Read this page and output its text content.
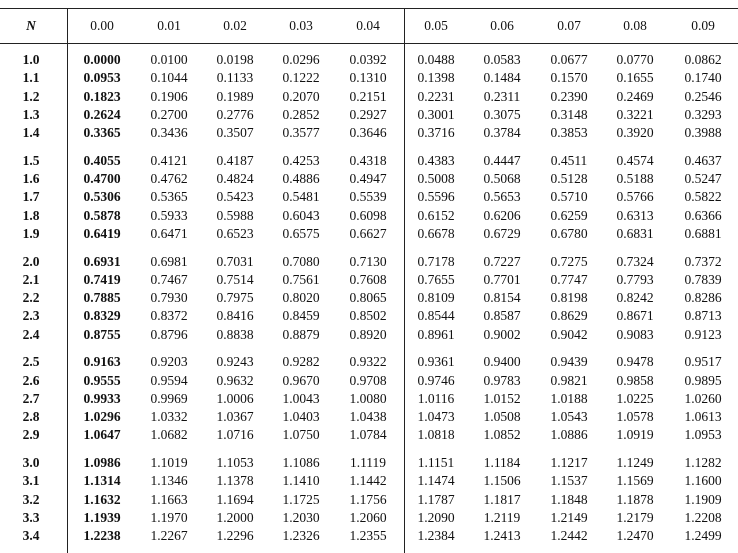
N	0.00	0.01	0.02	0.03	0.04	0.05	0.06	0.07	0.08	0.09
1.0	0.0000	0.0100	0.0198	0.0296	0.0392	0.0488	0.0583	0.0677	0.0770	0.0862
1.1	0.0953	0.1044	0.1133	0.1222	0.1310	0.1398	0.1484	0.1570	0.1655	0.1740
1.2	0.1823	0.1906	0.1989	0.2070	0.2151	0.2231	0.2311	0.2390	0.2469	0.2546
1.3	0.2624	0.2700	0.2776	0.2852	0.2927	0.3001	0.3075	0.3148	0.3221	0.3293
1.4	0.3365	0.3436	0.3507	0.3577	0.3646	0.3716	0.3784	0.3853	0.3920	0.3988
1.5	0.4055	0.4121	0.4187	0.4253	0.4318	0.4383	0.4447	0.4511	0.4574	0.4637
1.6	0.4700	0.4762	0.4824	0.4886	0.4947	0.5008	0.5068	0.5128	0.5188	0.5247
1.7	0.5306	0.5365	0.5423	0.5481	0.5539	0.5596	0.5653	0.5710	0.5766	0.5822
1.8	0.5878	0.5933	0.5988	0.6043	0.6098	0.6152	0.6206	0.6259	0.6313	0.6366
1.9	0.6419	0.6471	0.6523	0.6575	0.6627	0.6678	0.6729	0.6780	0.6831	0.6881
2.0	0.6931	0.6981	0.7031	0.7080	0.7130	0.7178	0.7227	0.7275	0.7324	0.7372
2.1	0.7419	0.7467	0.7514	0.7561	0.7608	0.7655	0.7701	0.7747	0.7793	0.7839
2.2	0.7885	0.7930	0.7975	0.8020	0.8065	0.8109	0.8154	0.8198	0.8242	0.8286
2.3	0.8329	0.8372	0.8416	0.8459	0.8502	0.8544	0.8587	0.8629	0.8671	0.8713
2.4	0.8755	0.8796	0.8838	0.8879	0.8920	0.8961	0.9002	0.9042	0.9083	0.9123
2.5	0.9163	0.9203	0.9243	0.9282	0.9322	0.9361	0.9400	0.9439	0.9478	0.9517
2.6	0.9555	0.9594	0.9632	0.9670	0.9708	0.9746	0.9783	0.9821	0.9858	0.9895
2.7	0.9933	0.9969	1.0006	1.0043	1.0080	1.0116	1.0152	1.0188	1.0225	1.0260
2.8	1.0296	1.0332	1.0367	1.0403	1.0438	1.0473	1.0508	1.0543	1.0578	1.0613
2.9	1.0647	1.0682	1.0716	1.0750	1.0784	1.0818	1.0852	1.0886	1.0919	1.0953
3.0	1.0986	1.1019	1.1053	1.1086	1.1119	1.1151	1.1184	1.1217	1.1249	1.1282
3.1	1.1314	1.1346	1.1378	1.1410	1.1442	1.1474	1.1506	1.1537	1.1569	1.1600
3.2	1.1632	1.1663	1.1694	1.1725	1.1756	1.1787	1.1817	1.1848	1.1878	1.1909
3.3	1.1939	1.1970	1.2000	1.2030	1.2060	1.2090	1.2119	1.2149	1.2179	1.2208
3.4	1.2238	1.2267	1.2296	1.2326	1.2355	1.2384	1.2413	1.2442	1.2470	1.2499
